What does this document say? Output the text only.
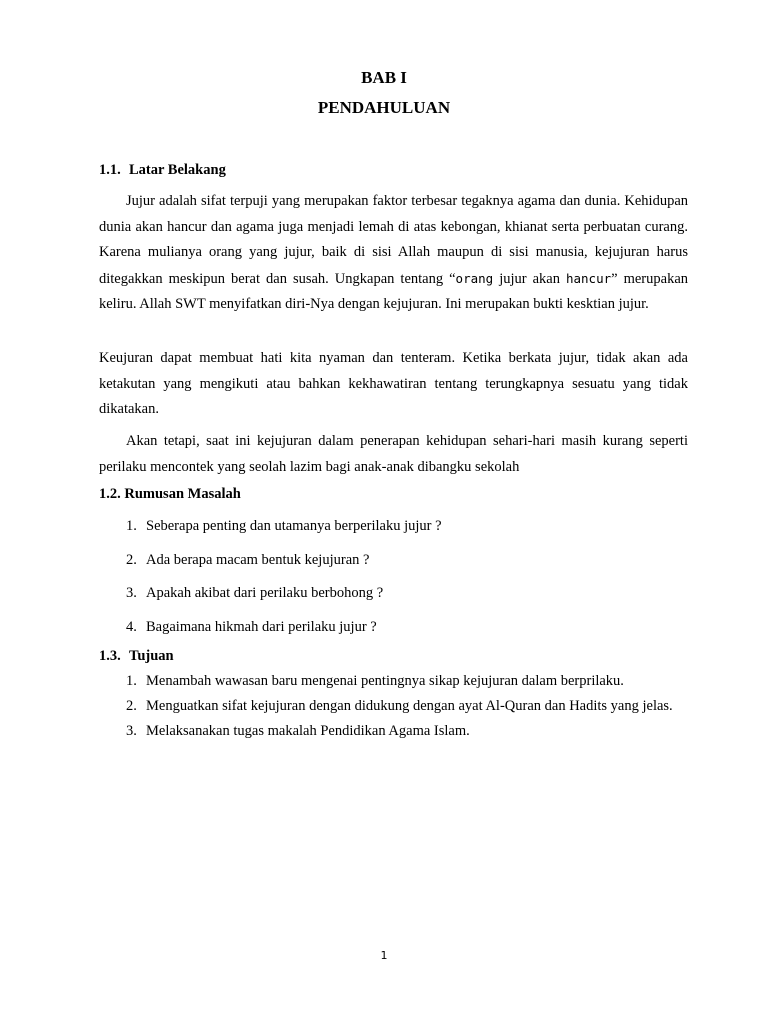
BAB I
PENDAHULUAN
1.1. Latar Belakang

Jujur adalah sifat terpuji yang merupakan faktor terbesar tegaknya agama dan dunia. Kehidupan dunia akan hancur dan agama juga menjadi lemah di atas kebongan, khianat serta perbuatan curang. Karena mulianya orang yang jujur, baik di sisi Allah maupun di sisi manusia, kejujuran harus ditegakkan meskipun berat dan susah. Ungkapan tentang “orang jujur akan hancur” merupakan keliru. Allah SWT menyifatkan diri-Nya dengan kejujuran. Ini merupakan bukti kesktian jujur.

Keujuran dapat membuat hati kita nyaman dan tenteram. Ketika berkata jujur, tidak akan ada ketakutan yang mengikuti atau bahkan kekhawatiran tentang terungkapnya sesuatu yang tidak dikatakan.

Akan tetapi, saat ini kejujuran dalam penerapan kehidupan sehari-hari masih kurang seperti perilaku mencontek yang seolah lazim bagi anak-anak dibangku sekolah

1.2. Rumusan Masalah
1. Seberapa penting dan utamanya berperilaku jujur ?
2. Ada berapa macam bentuk kejujuran ?
3. Apakah akibat dari perilaku berbohong ?
4. Bagaimana hikmah dari perilaku jujur ?
1.3. Tujuan
1. Menambah wawasan baru mengenai pentingnya sikap kejujuran dalam berprilaku.
2. Menguatkan sifat kejujuran dengan didukung dengan ayat Al-Quran dan Hadits yang jelas.
3. Melaksanakan tugas makalah Pendidikan Agama Islam.
1
